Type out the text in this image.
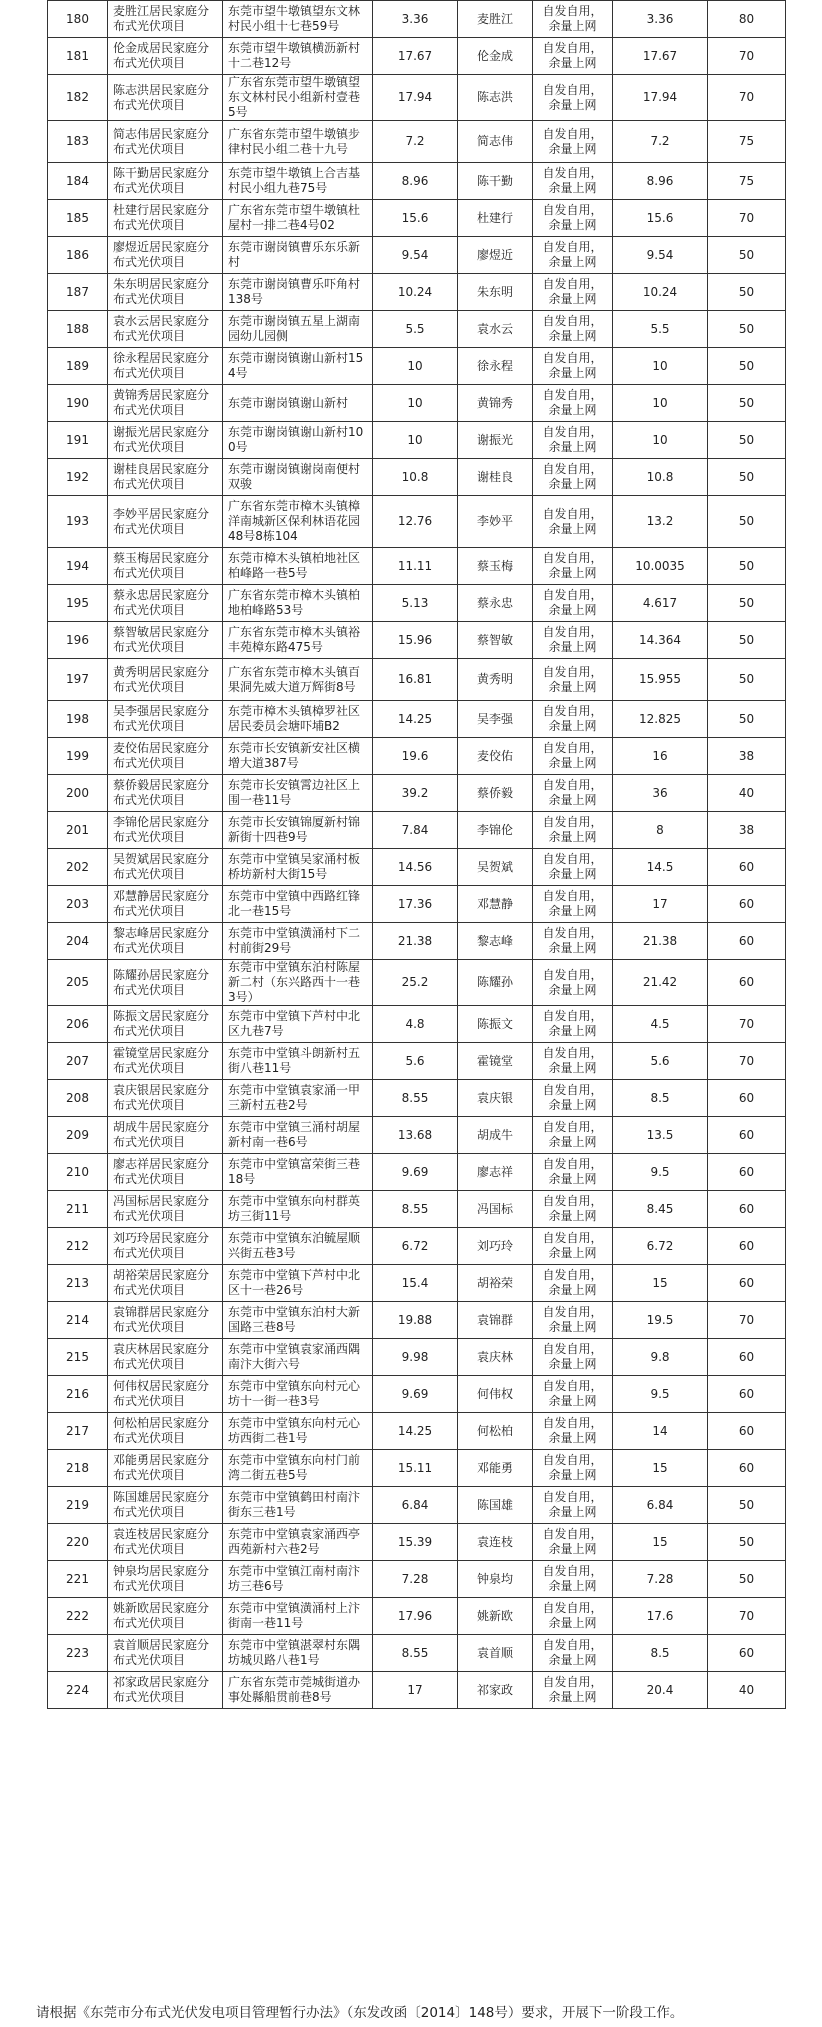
180	麦胜江居民家庭分布式光伏项目	东莞市望牛墩镇望东文林村民小组十七巷59号	3.36	麦胜江	自发自用，余量上网	3.36	80
181	伦金成居民家庭分布式光伏项目	东莞市望牛墩镇横沥新村十二巷12号	17.67	伦金成	自发自用，余量上网	17.67	70
182	陈志洪居民家庭分布式光伏项目	广东省东莞市望牛墩镇望东文林村民小组新村壹巷5号	17.94	陈志洪	自发自用，余量上网	17.94	70
183	简志伟居民家庭分布式光伏项目	广东省东莞市望牛墩镇步律村民小组二巷十九号	7.2	简志伟	自发自用，余量上网	7.2	75
184	陈干勤居民家庭分布式光伏项目	东莞市望牛墩镇上合吉基村民小组九巷75号	8.96	陈干勤	自发自用，余量上网	8.96	75
185	杜建行居民家庭分布式光伏项目	广东省东莞市望牛墩镇杜屋村一排二巷4号02	15.6	杜建行	自发自用，余量上网	15.6	70
186	廖煜近居民家庭分布式光伏项目	东莞市谢岗镇曹乐东乐新村	9.54	廖煜近	自发自用，余量上网	9.54	50
187	朱东明居民家庭分布式光伏项目	东莞市谢岗镇曹乐吓角村138号	10.24	朱东明	自发自用，余量上网	10.24	50
188	袁水云居民家庭分布式光伏项目	东莞市谢岗镇五星上湖南园幼儿园侧	5.5	袁水云	自发自用，余量上网	5.5	50
189	徐永程居民家庭分布式光伏项目	东莞市谢岗镇谢山新村154号	10	徐永程	自发自用，余量上网	10	50
190	黄锦秀居民家庭分布式光伏项目	东莞市谢岗镇谢山新村	10	黄锦秀	自发自用，余量上网	10	50
191	谢振光居民家庭分布式光伏项目	东莞市谢岗镇谢山新村100号	10	谢振光	自发自用，余量上网	10	50
192	谢桂良居民家庭分布式光伏项目	东莞市谢岗镇谢岗南便村双骏	10.8	谢桂良	自发自用，余量上网	10.8	50
193	李妙平居民家庭分布式光伏项目	广东省东莞市樟木头镇樟洋南城新区保利林语花园48号8栋104	12.76	李妙平	自发自用，余量上网	13.2	50
194	蔡玉梅居民家庭分布式光伏项目	东莞市樟木头镇柏地社区柏峰路一巷5号	11.11	蔡玉梅	自发自用，余量上网	10.0035	50
195	蔡永忠居民家庭分布式光伏项目	广东省东莞市樟木头镇柏地柏峰路53号	5.13	蔡永忠	自发自用，余量上网	4.617	50
196	蔡智敏居民家庭分布式光伏项目	广东省东莞市樟木头镇裕丰苑樟东路475号	15.96	蔡智敏	自发自用，余量上网	14.364	50
197	黄秀明居民家庭分布式光伏项目	广东省东莞市樟木头镇百果洞先威大道万辉街8号	16.81	黄秀明	自发自用，余量上网	15.955	50
198	吴李强居民家庭分布式光伏项目	东莞市樟木头镇樟罗社区居民委员会塘吓埔B2	14.25	吴李强	自发自用，余量上网	12.825	50
199	麦佼佑居民家庭分布式光伏项目	东莞市长安镇新安社区横增大道387号	19.6	麦佼佑	自发自用，余量上网	16	38
200	蔡侨毅居民家庭分布式光伏项目	东莞市长安镇霄边社区上围一巷11号	39.2	蔡侨毅	自发自用，余量上网	36	40
201	李锦伦居民家庭分布式光伏项目	东莞市长安镇锦厦新村锦新街十四巷9号	7.84	李锦伦	自发自用，余量上网	8	38
202	吴贺斌居民家庭分布式光伏项目	东莞市中堂镇吴家涌村板桥坊新村大街15号	14.56	吴贺斌	自发自用，余量上网	14.5	60
203	邓慧静居民家庭分布式光伏项目	东莞市中堂镇中西路红锋北一巷15号	17.36	邓慧静	自发自用，余量上网	17	60
204	黎志峰居民家庭分布式光伏项目	东莞市中堂镇潢涌村下二村前街29号	21.38	黎志峰	自发自用，余量上网	21.38	60
205	陈耀孙居民家庭分布式光伏项目	东莞市中堂镇东泊村陈屋新二村（东兴路西十一巷3号）	25.2	陈耀孙	自发自用，余量上网	21.42	60
206	陈振文居民家庭分布式光伏项目	东莞市中堂镇下芦村中北区九巷7号	4.8	陈振文	自发自用，余量上网	4.5	70
207	霍镜堂居民家庭分布式光伏项目	东莞市中堂镇斗朗新村五街八巷11号	5.6	霍镜堂	自发自用，余量上网	5.6	70
208	袁庆银居民家庭分布式光伏项目	东莞市中堂镇袁家涌一甲三新村五巷2号	8.55	袁庆银	自发自用，余量上网	8.5	60
209	胡成牛居民家庭分布式光伏项目	东莞市中堂镇三涌村胡屋新村南一巷6号	13.68	胡成牛	自发自用，余量上网	13.5	60
210	廖志祥居民家庭分布式光伏项目	东莞市中堂镇富荣街三巷18号	9.69	廖志祥	自发自用，余量上网	9.5	60
211	冯国标居民家庭分布式光伏项目	东莞市中堂镇东向村群英坊三街11号	8.55	冯国标	自发自用，余量上网	8.45	60
212	刘巧玲居民家庭分布式光伏项目	东莞市中堂镇东泊毓屋顺兴街五巷3号	6.72	刘巧玲	自发自用，余量上网	6.72	60
213	胡裕荣居民家庭分布式光伏项目	东莞市中堂镇下芦村中北区十一巷26号	15.4	胡裕荣	自发自用，余量上网	15	60
214	袁锦群居民家庭分布式光伏项目	东莞市中堂镇东泊村大新国路三巷8号	19.88	袁锦群	自发自用，余量上网	19.5	70
215	袁庆林居民家庭分布式光伏项目	东莞市中堂镇袁家涌西隅南汴大街六号	9.98	袁庆林	自发自用，余量上网	9.8	60
216	何伟权居民家庭分布式光伏项目	东莞市中堂镇东向村元心坊十一街一巷3号	9.69	何伟权	自发自用，余量上网	9.5	60
217	何松柏居民家庭分布式光伏项目	东莞市中堂镇东向村元心坊西街二巷1号	14.25	何松柏	自发自用，余量上网	14	60
218	邓能勇居民家庭分布式光伏项目	东莞市中堂镇东向村门前湾二街五巷5号	15.11	邓能勇	自发自用，余量上网	15	60
219	陈国雄居民家庭分布式光伏项目	东莞市中堂镇鹤田村南汴街东三巷1号	6.84	陈国雄	自发自用，余量上网	6.84	50
220	袁连枝居民家庭分布式光伏项目	东莞市中堂镇袁家涌西亭西苑新村六巷2号	15.39	袁连枝	自发自用，余量上网	15	50
221	钟泉均居民家庭分布式光伏项目	东莞市中堂镇江南村南汴坊三巷6号	7.28	钟泉均	自发自用，余量上网	7.28	50
222	姚新欧居民家庭分布式光伏项目	东莞市中堂镇潢涌村上汴街南一巷11号	17.96	姚新欧	自发自用，余量上网	17.6	70
223	袁首顺居民家庭分布式光伏项目	东莞市中堂镇湛翠村东隅坊城贝路八巷1号	8.55	袁首顺	自发自用，余量上网	8.5	60
224	祁家政居民家庭分布式光伏项目	广东省东莞市莞城街道办事处縣船贯前巷8号	17	祁家政	自发自用，余量上网	20.4	40
请根据《东莞市分布式光伏发电项目管理暂行办法》（东发改函〔2014〕148号）要求，开展下一阶段工作。
